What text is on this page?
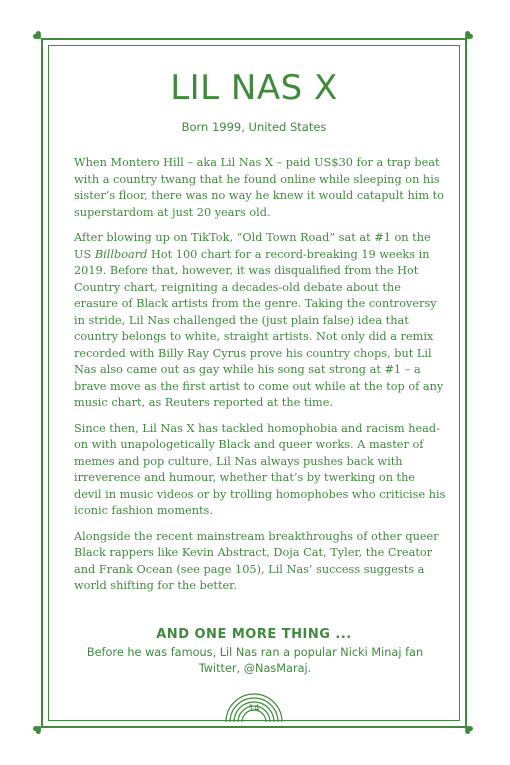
LIL NAS X
Born 1999, United States

When Montero Hill – aka Lil Nas X – paid US$30 for a trap beat with a country twang that he found online while sleeping on his sister’s floor, there was no way he knew it would catapult him to superstardom at just 20 years old.

After blowing up on TikTok, “Old Town Road” sat at #1 on the US Billboard Hot 100 chart for a record-breaking 19 weeks in 2019. Before that, however, it was disqualified from the Hot Country chart, reigniting a decades-old debate about the erasure of Black artists from the genre. Taking the controversy in stride, Lil Nas challenged the (just plain false) idea that country belongs to white, straight artists. Not only did a remix recorded with Billy Ray Cyrus prove his country chops, but Lil Nas also came out as gay while his song sat strong at #1 – a brave move as the first artist to come out while at the top of any music chart, as Reuters reported at the time.

Since then, Lil Nas X has tackled homophobia and racism head-on with unapologetically Black and queer works. A master of memes and pop culture, Lil Nas always pushes back with irreverence and humour, whether that’s by twerking on the devil in music videos or by trolling homophobes who criticise his iconic fashion moments.

Alongside the recent mainstream breakthroughs of other queer Black rappers like Kevin Abstract, Doja Cat, Tyler, the Creator and Frank Ocean (see page 105), Lil Nas’ success suggests a world shifting for the better.

AND ONE MORE THING ...
Before he was famous, Lil Nas ran a popular Nicki Minaj fan Twitter, @NasMaraj.
14
